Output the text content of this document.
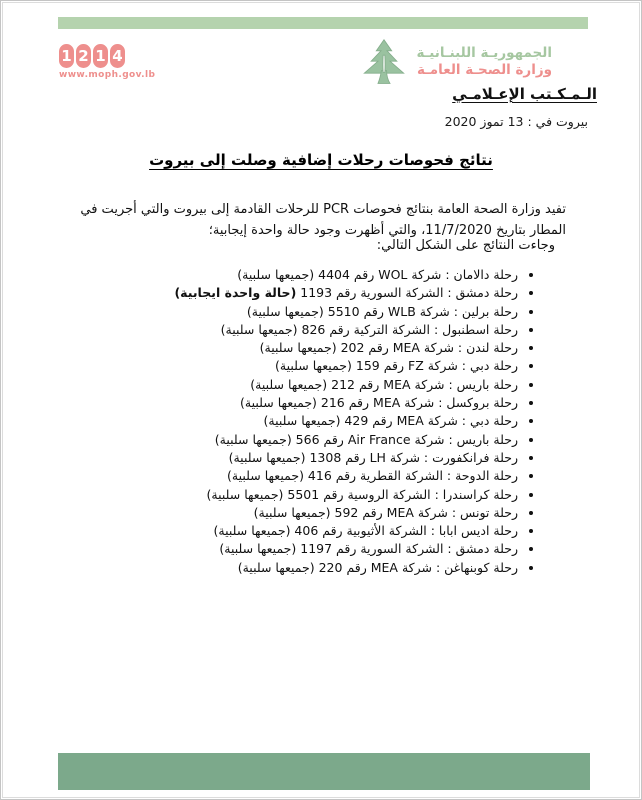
1 2 1 4
www.moph.gov.lb
الجمهوريـة اللبنـانيـة
وزارة الصحـة العامـة
الـمـكـتب الإعـلامـي
بيروت في : 13 تموز 2020
نتائج فحوصات رحلات إضافية وصلت إلى بيروت

تفيد وزارة الصحة العامة بنتائج فحوصات PCR للرحلات القادمة إلى بيروت والتي أجريت في المطار بتاريخ 11/7/2020، والتي أظهرت وجود حالة واحدة إيجابية؛

وجاءت النتائج على الشكل التالي:
• رحلة دالامان : شركة WOL رقم 4404 (جميعها سلبية)
• رحلة دمشق : الشركة السورية رقم 1193 (حالة واحدة ايجابية)
• رحلة برلين : شركة WLB رقم 5510 (جميعها سلبية)
• رحلة اسطنبول : الشركة التركية رقم 826 (جميعها سلبية)
• رحلة لندن : شركة MEA رقم 202 (جميعها سلبية)
• رحلة دبي : شركة FZ رقم 159 (جميعها سلبية)
• رحلة باريس : شركة MEA رقم 212 (جميعها سلبية)
• رحلة بروكسل : شركة MEA رقم 216 (جميعها سلبية)
• رحلة دبي : شركة MEA رقم 429 (جميعها سلبية)
• رحلة باريس : شركة Air France رقم 566 (جميعها سلبية)
• رحلة فرانكفورت : شركة LH رقم 1308 (جميعها سلبية)
• رحلة الدوحة : الشركة القطرية رقم 416 (جميعها سلبية)
• رحلة كراسندرا : الشركة الروسية رقم 5501 (جميعها سلبية)
• رحلة تونس : شركة MEA رقم 592 (جميعها سلبية)
• رحلة اديس ابابا : الشركة الأثيوبية رقم 406 (جميعها سلبية)
• رحلة دمشق : الشركة السورية رقم 1197 (جميعها سلبية)
• رحلة كوبنهاغن : شركة MEA رقم 220 (جميعها سلبية)
